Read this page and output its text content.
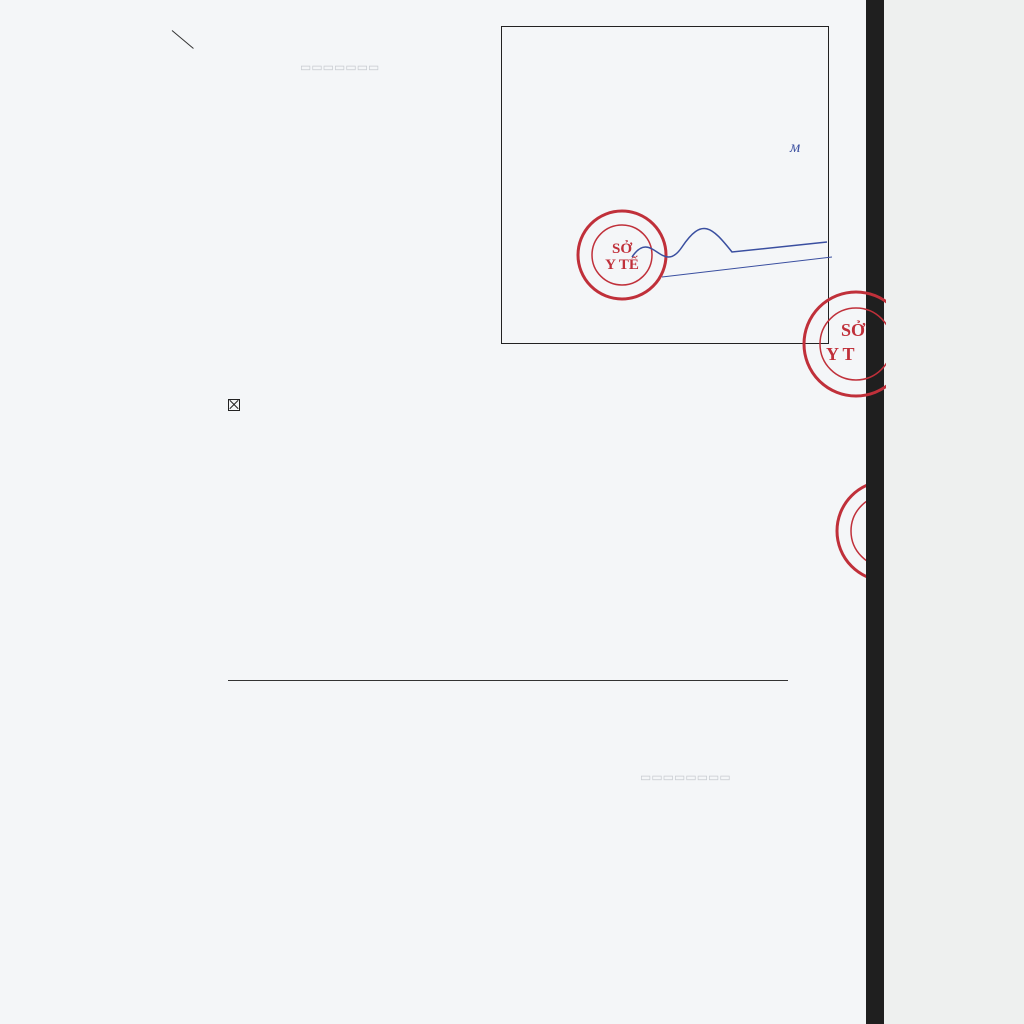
▭▭▭▭▭▭▭
▭▭▭▭▭▭▭▭
м
SỞ
Y TẾ
SỞ
Y T
